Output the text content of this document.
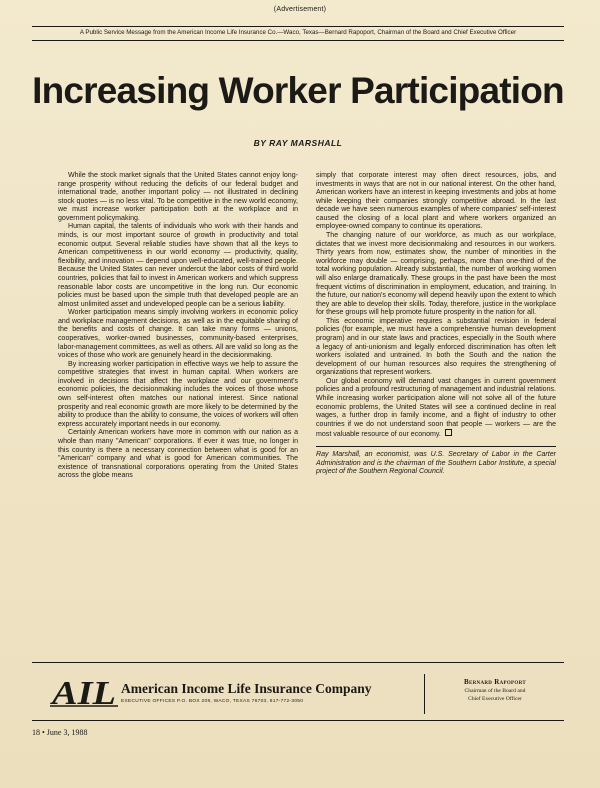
(Advertisement)
A Public Service Message from the American Income Life Insurance Co.—Waco, Texas—Bernard Rapoport, Chairman of the Board and Chief Executive Officer
Increasing Worker Participation
BY RAY MARSHALL

While the stock market signals that the United States cannot enjoy long-range prosperity without reducing the deficits of our federal budget and international trade, another important policy — not illustrated in declining stock quotes — is no less vital. To be competitive in the new world economy, we must increase worker participation both at the workplace and in government policymaking.

Human capital, the talents of individuals who work with their hands and minds, is our most important source of growth in productivity and total economic output. Several reliable studies have shown that all the keys to American competitiveness in our world economy — productivity, quality, flexibility, and innovation — depend upon well-educated, well-trained people. Because the United States can never undercut the labor costs of third world countries, policies that fail to invest in American workers and which suppress reasonable labor costs are uncompetitive in the long run. Our economic policies must be based upon the simple truth that developed people are an almost unlimited asset and undeveloped people can be a serious liability.

Worker participation means simply involving workers in economic policy and workplace management decisions, as well as in the equitable sharing of the benefits and costs of change. It can take many forms — unions, cooperatives, worker-owned businesses, community-based enterprises, labor-management committees, as well as others. All are valid so long as the voices of those who work are genuinely heard in the decisionmaking.

By increasing worker participation in effective ways we help to assure the competitive strategies that invest in human capital. When workers are involved in decisions that affect the workplace and our government's economic policies, the decisionmaking includes the voices of those whose own self-interest often matches our national interest. Since national prosperity and real economic growth are more likely to be determined by the ability to produce than the ability to consume, the voices of workers will often express accurately important needs in our economy.

Certainly American workers have more in common with our nation as a whole than many "American" corporations. If ever it was true, no longer in this country is there a necessary connection between what is good for an "American" company and what is good for American communities. The existence of transnational corporations operating from the United States across the globe means

simply that corporate interest may often direct resources, jobs, and investments in ways that are not in our national interest. On the other hand, American workers have an interest in keeping investments and jobs at home while keeping their companies strongly competitive abroad. In the last decade we have seen numerous examples of where companies' self-interest caused the closing of a local plant and where workers organized an employee-owned company to continue its operations.

The changing nature of our workforce, as much as our workplace, dictates that we invest more decisionmaking and resources in our workers. Thirty years from now, estimates show, the number of minorities in the workforce may double — comprising, perhaps, more than one-third of the total working population. Already substantial, the number of working women will also enlarge dramatically. These groups in the past have been the most frequent victims of discrimination in employment, education, and training. In the future, our nation's economy will depend heavily upon the extent to which they are able to develop their skills. Today, therefore, justice in the workplace for these groups will help promote future prosperity in the nation for all.

This economic imperative requires a substantial revision in federal policies (for example, we must have a comprehensive human development program) and in our state laws and practices, especially in the South where a legacy of anti-unionism and legally enforced discrimination has often left workers isolated and untrained. In both the South and the nation the development of our human resources also requires the strengthening of organizations that represent workers.

Our global economy will demand vast changes in current government policies and a profound restructuring of management and industrial relations. While increasing worker participation alone will not solve all of the future economic problems, the United States will see a continued decline in real wages, a further drop in family income, and a flight of industry to other countries if we do not understand soon that people — workers — are the most valuable resource of our economy.

Ray Marshall, an economist, was U.S. Secretary of Labor in the Carter Administration and is the chairman of the Southern Labor Institute, a special project of the Southern Regional Council.

AIL American Income Life Insurance Company
EXECUTIVE OFFICES P.O. BOX 208, WACO, TEXAS 76703, 817-772-3050
Bernard Rapoport
Chairman of the Board and
Chief Executive Officer
18 • June 3, 1988
